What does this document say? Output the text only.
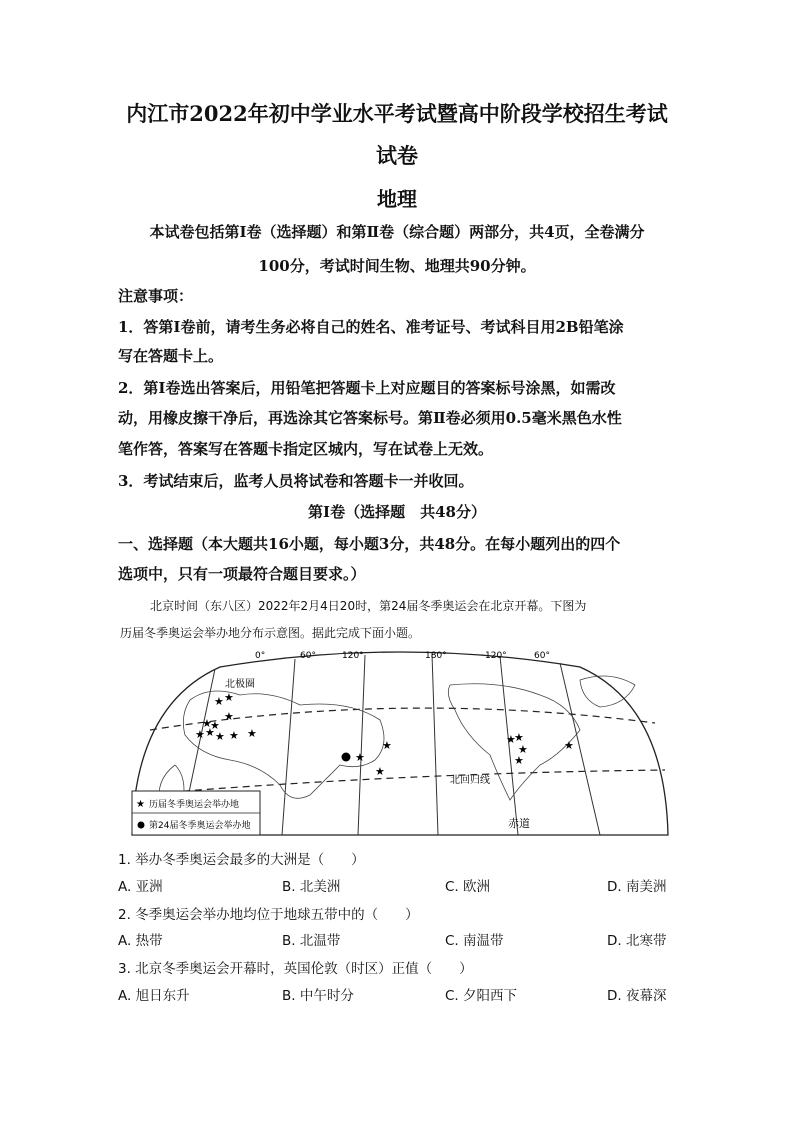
内江市2022年初中学业水平考试暨高中阶段学校招生考试
试卷
地理
本试卷包括第Ⅰ卷（选择题）和第Ⅱ卷（综合题）两部分，共4页，全卷满分
100分，考试时间生物、地理共90分钟。
注意事项：
1．答第Ⅰ卷前，请考生务必将自己的姓名、准考证号、考试科目用2B铅笔涂
写在答题卡上。
2．第Ⅰ卷选出答案后，用铅笔把答题卡上对应题目的答案标号涂黑，如需改
动，用橡皮擦干净后，再选涂其它答案标号。第Ⅱ卷必须用0.5毫米黑色水性
笔作答，答案写在答题卡指定区城内，写在试卷上无效。
3．考试结束后，监考人员将试卷和答题卡一并收回。
第Ⅰ卷（选择题　共48分）
一、选择题（本大题共16小题，每小题3分，共48分。在每小题列出的四个
选项中，只有一项最符合题目要求。）
北京时间（东八区）2022年2月4日20时，第24届冬季奥运会在北京开幕。下图为
历届冬季奥运会举办地分布示意图。据此完成下面小题。
0°	60°	120°	180°	120°	60°
北极圈
北回归线
赤道
★ ★
★
★
★
★ ★ ★ ★ ★
★
★
★
★
★
★
★
★
★ 历届冬季奥运会举办地
第24届冬季奥运会举办地
1. 举办冬季奥运会最多的大洲是（　　）
A. 亚洲	B. 北美洲	C. 欧洲	D. 南美洲
2. 冬季奥运会举办地均位于地球五带中的（　　）
A. 热带	B. 北温带	C. 南温带	D. 北寒带
3. 北京冬季奥运会开幕时，英国伦敦（时区）正值（　　）
A. 旭日东升	B. 中午时分	C. 夕阳西下	D. 夜幕深
